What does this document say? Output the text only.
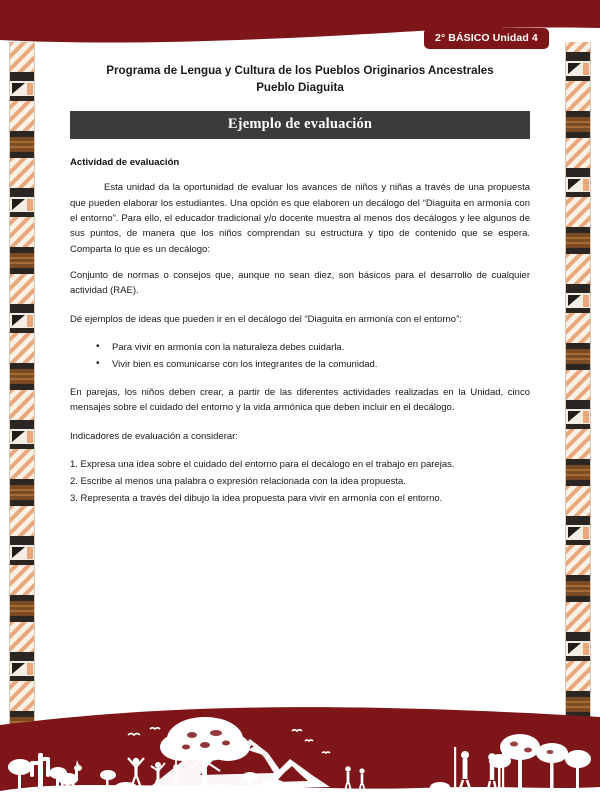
2° BÁSICO Unidad 4
Programa de Lengua y Cultura de los Pueblos Originarios Ancestrales
Pueblo Diaguita
Ejemplo de evaluación
Actividad de evaluación

Esta unidad da la oportunidad de evaluar los avances de niños y niñas a través de una propuesta que pueden elaborar los estudiantes. Una opción es que elaboren un decálogo del “Diaguita en armonía con el entorno”. Para ello, el educador tradicional y/o docente muestra al menos dos decálogos y lee algunos de sus puntos, de manera que los niños comprendan su estructura y tipo de contenido que se espera. Comparta lo que es un decálogo:

Conjunto de normas o consejos que, aunque no sean diez, son básicos para el desarrollo de cualquier actividad (RAE).

Dé ejemplos de ideas que pueden ir en el decálogo del “Diaguita en armonía con el entorno”:

• Para vivir en armonía con la naturaleza debes cuidarla.
• Vivir bien es comunicarse con los integrantes de la comunidad.

En parejas, los niños deben crear, a partir de las diferentes actividades realizadas en la Unidad, cinco mensajes sobre el cuidado del entorno y la vida armónica que deben incluir en el decálogo.

Indicadores de evaluación a considerar:

1. Expresa una idea sobre el cuidado del entorno para el decálogo en el trabajo en parejas.
2. Escribe al menos una palabra o expresión relacionada con la idea propuesta.
3. Representa a través del dibujo la idea propuesta para vivir en armonía con el entorno.
